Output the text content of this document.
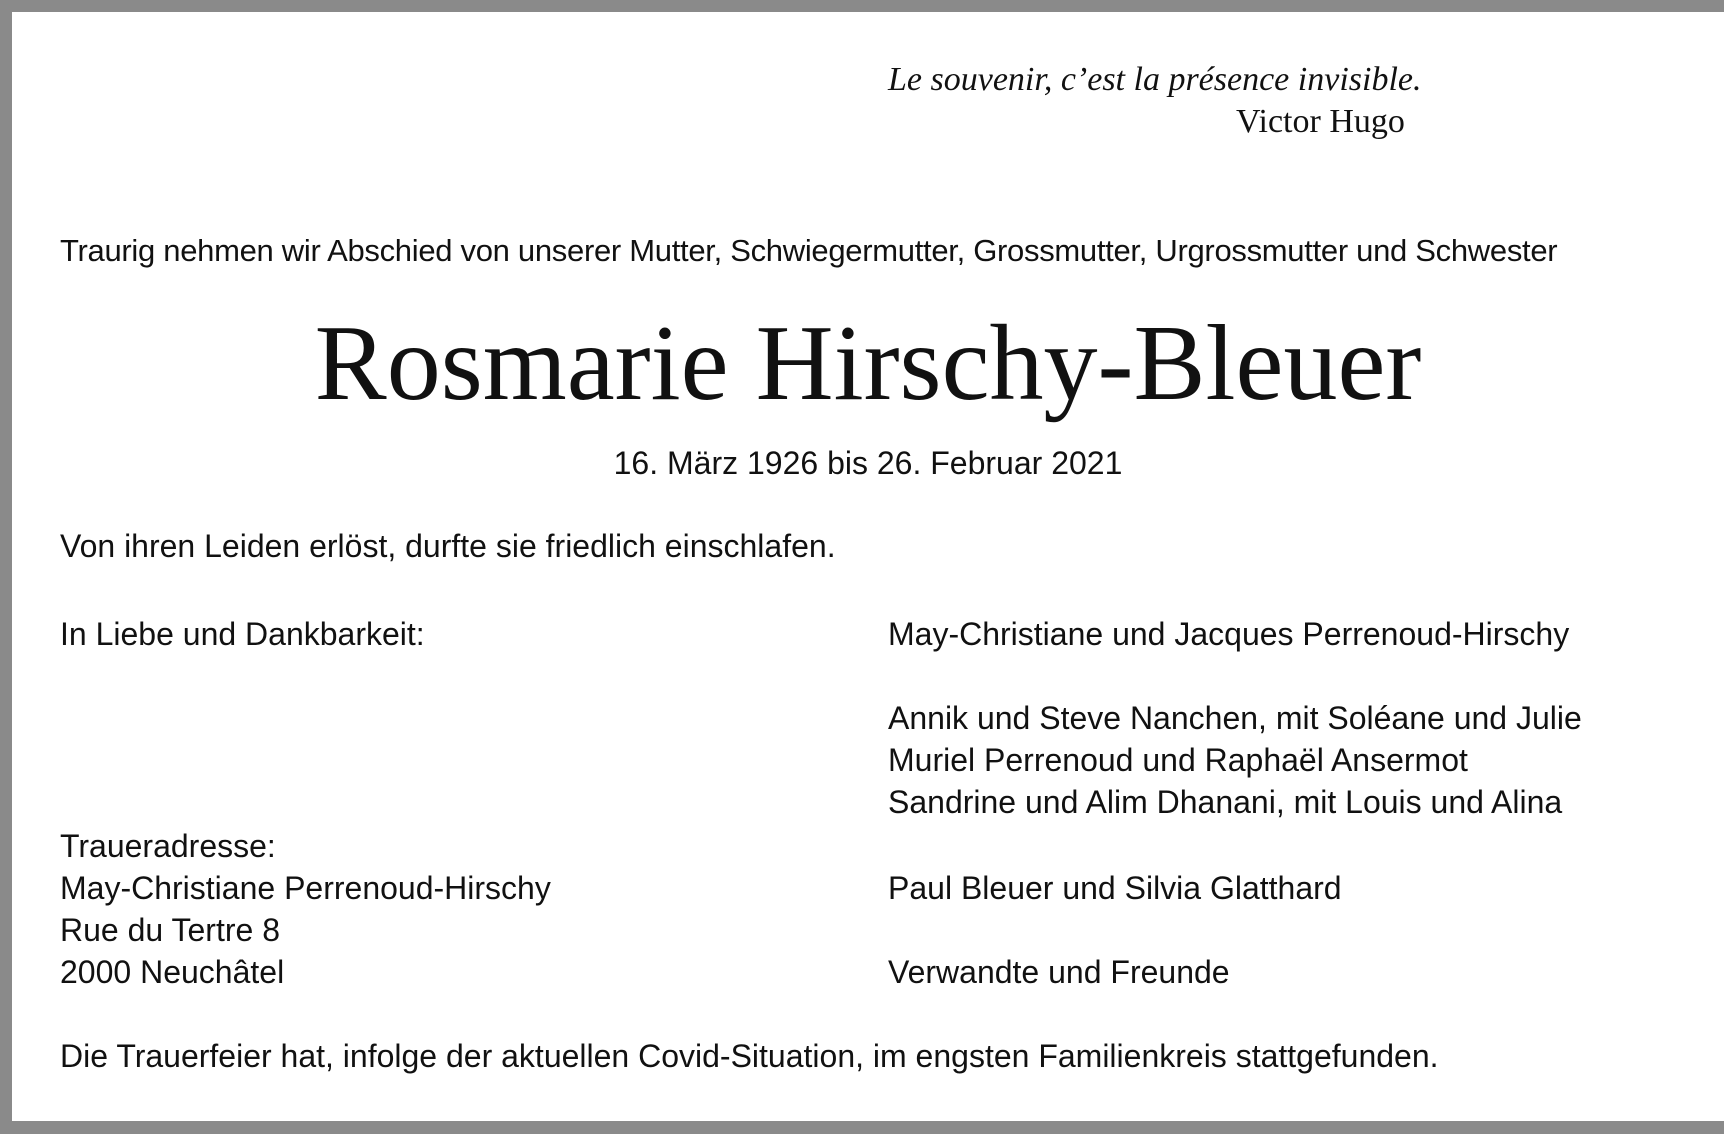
Le souvenir, c’est la présence invisible.
Victor Hugo
Traurig nehmen wir Abschied von unserer Mutter, Schwiegermutter, Grossmutter, Urgrossmutter und Schwester
Rosmarie Hirschy-Bleuer
16. März 1926 bis 26. Februar 2021
Von ihren Leiden erlöst, durfte sie friedlich einschlafen.
In Liebe und Dankbarkeit:	May-Christiane und Jacques Perrenoud-Hirschy
Annik und Steve Nanchen, mit Soléane und Julie
Muriel Perrenoud und Raphaël Ansermot
Sandrine und Alim Dhanani, mit Louis und Alina
Traueradresse:
May-Christiane Perrenoud-Hirschy
Rue du Tertre 8
2000 Neuchâtel
Paul Bleuer und Silvia Glatthard
Verwandte und Freunde
Die Trauerfeier hat, infolge der aktuellen Covid-Situation, im engsten Familienkreis stattgefunden.
